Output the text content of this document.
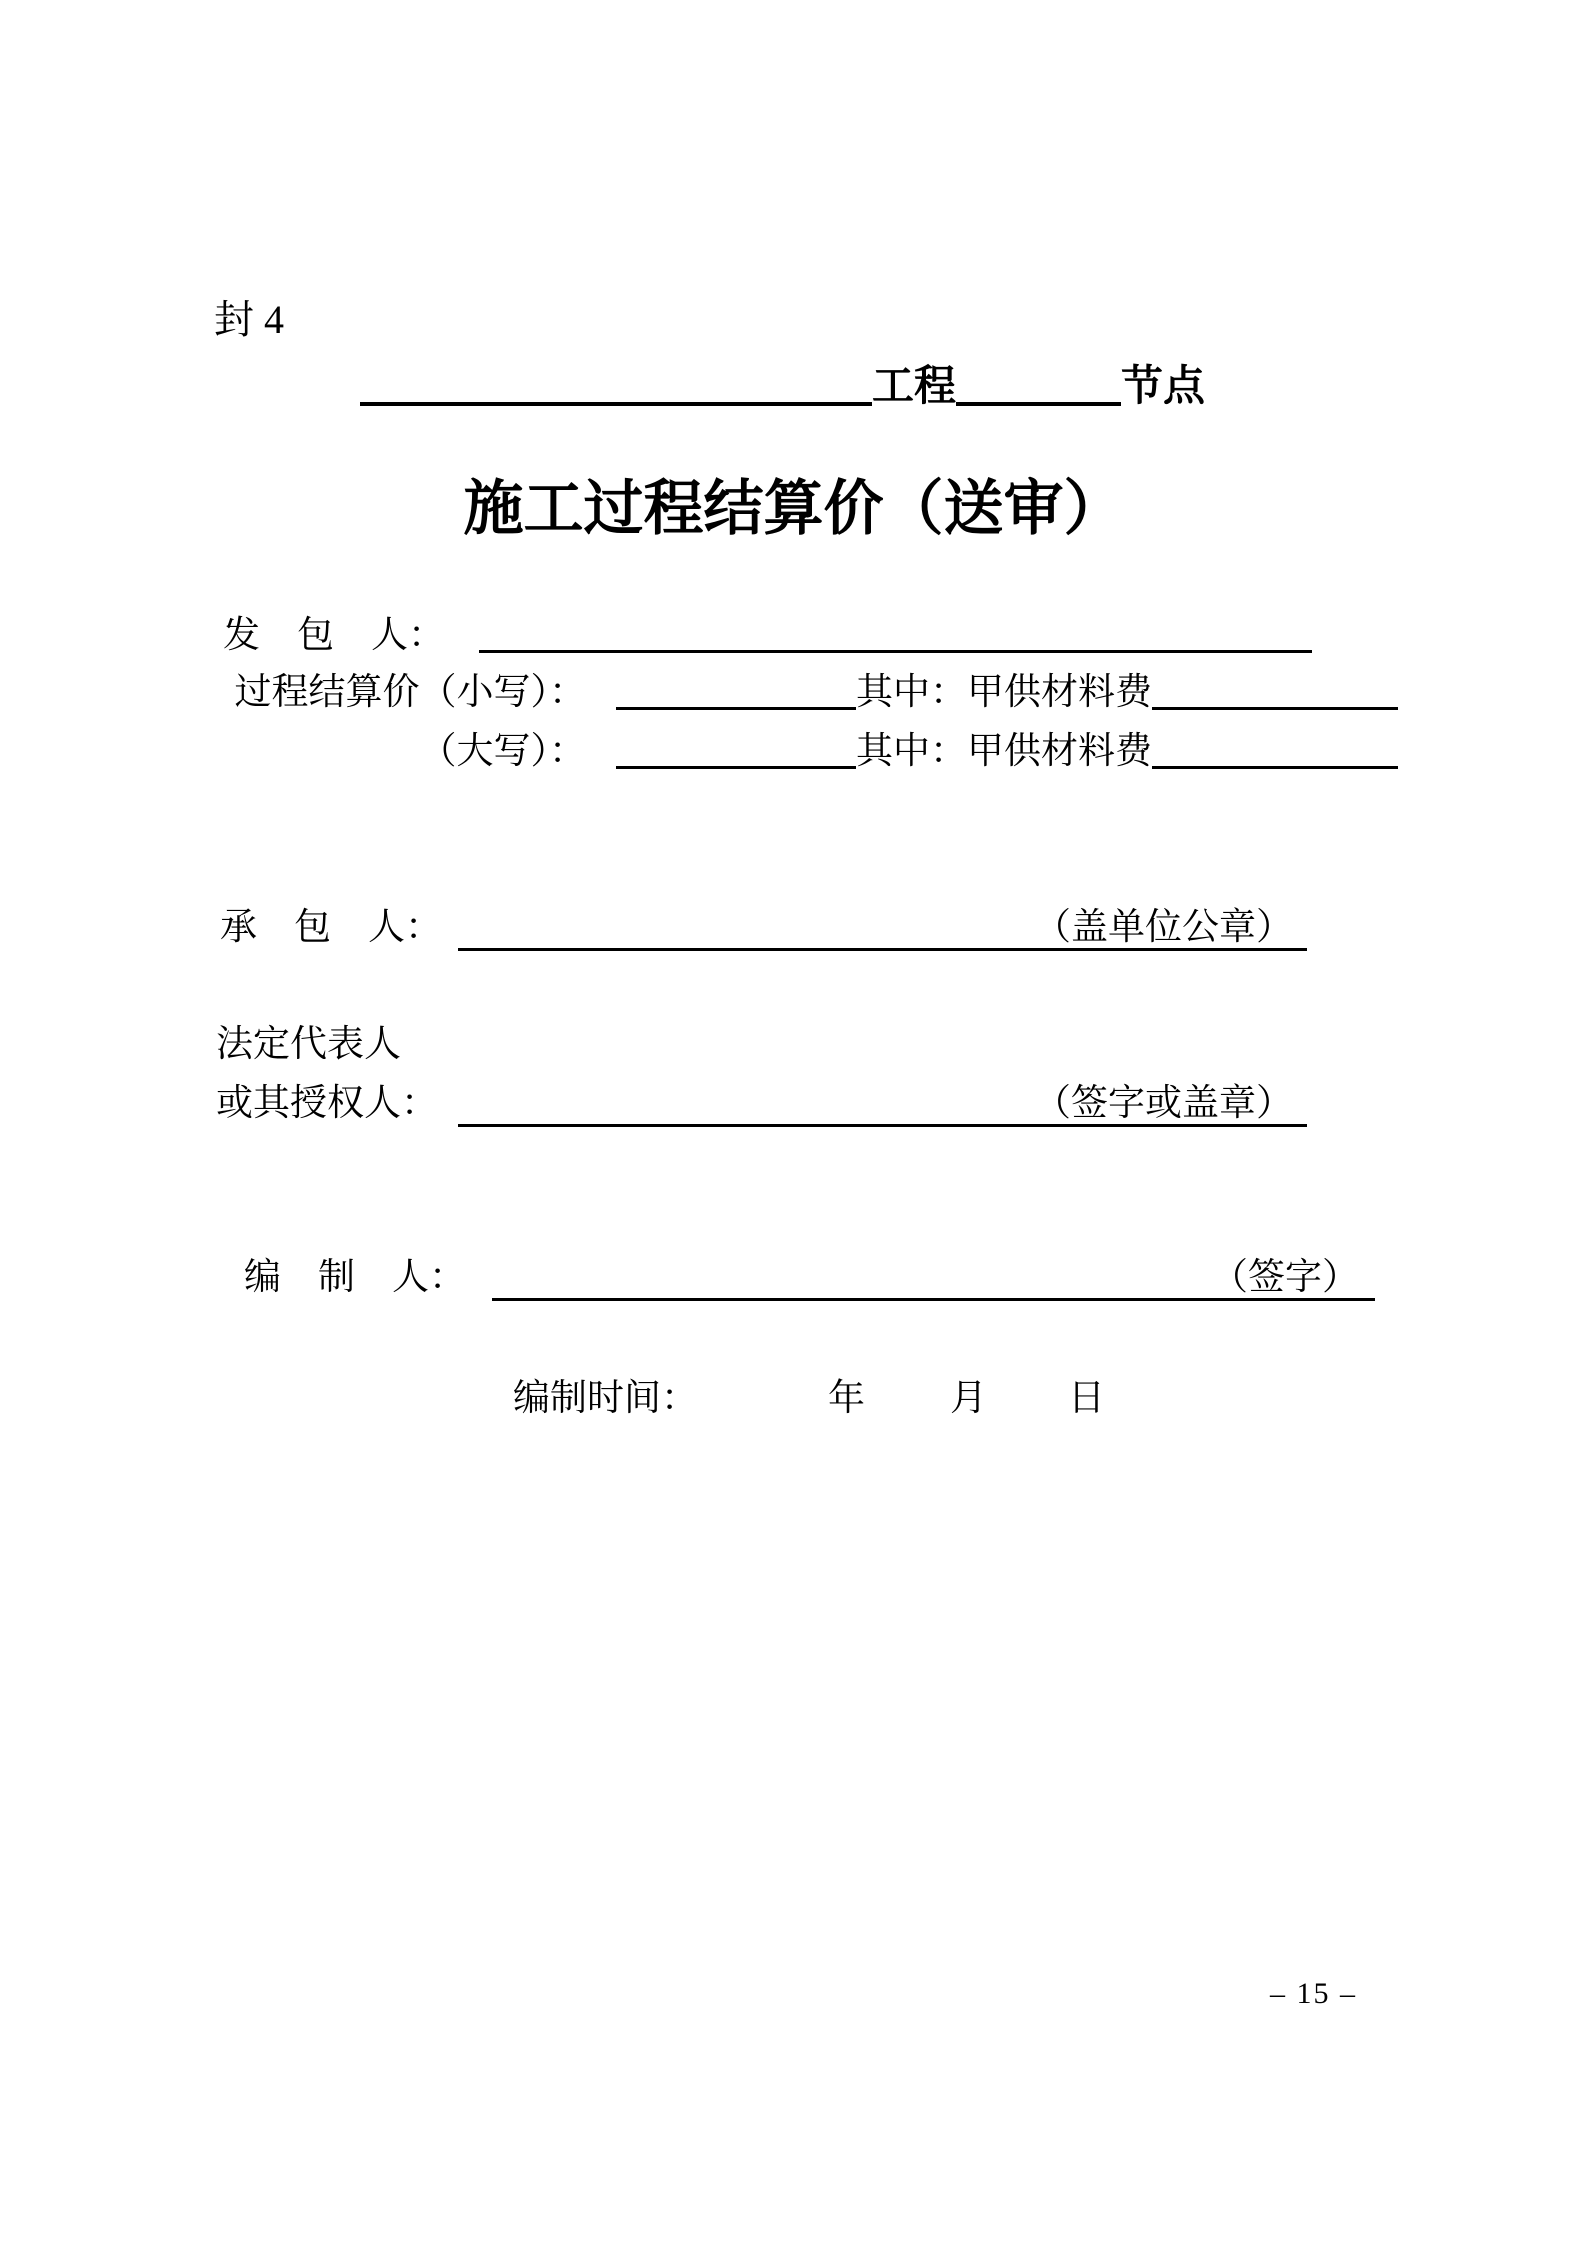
封 4
工程	节点
施工过程结算价（送审）
发　包　人：
过程结算价（小写）：	其中：甲供材料费
（大写）：	其中：甲供材料费
承　包　人：	（盖单位公章）
法定代表人
或其授权人：	（签字或盖章）
编　制　人：	（签字）
编制时间：	年 月 日
– 15 –
